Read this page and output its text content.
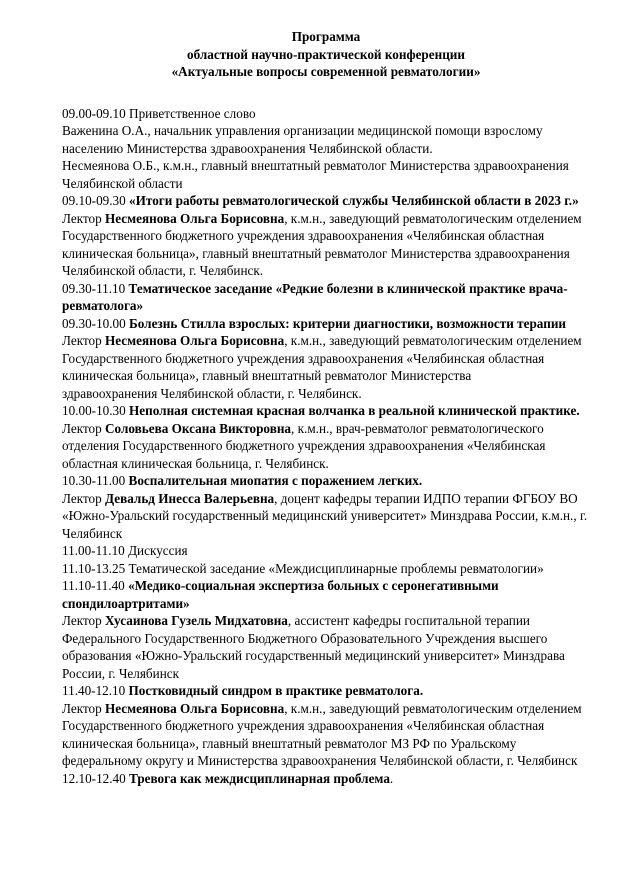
Программа
областной научно-практической конференции
«Актуальные вопросы современной ревматологии»

09.00-09.10 Приветственное слово

Важенина О.А., начальник управления организации медицинской помощи взрослому населению Министерства здравоохранения Челябинской области.

Несмеянова О.Б., к.м.н., главный внештатный ревматолог Министерства здравоохранения Челябинской области

09.10-09.30 «Итоги работы ревматологической службы Челябинской области в 2023 г.»

Лектор Несмеянова Ольга Борисовна, к.м.н., заведующий ревматологическим отделением Государственного бюджетного учреждения здравоохранения «Челябинская областная клиническая больница», главный внештатный ревматолог Министерства здравоохранения Челябинской области, г. Челябинск.

09.30-11.10 Тематическое заседание «Редкие болезни в клинической практике врача-ревматолога»

09.30-10.00 Болезнь Стилла взрослых: критерии диагностики, возможности терапии Лектор Несмеянова Ольга Борисовна, к.м.н., заведующий ревматологическим отделением Государственного бюджетного учреждения здравоохранения «Челябинская областная клиническая больница», главный внештатный ревматолог Министерства        здравоохранения Челябинской области, г. Челябинск.

10.00-10.30 Неполная системная красная волчанка в реальной клинической практике.

Лектор Соловьева Оксана Викторовна, к.м.н., врач-ревматолог ревматологического отделения Государственного бюджетного учреждения здравоохранения «Челябинская областная клиническая больница, г. Челябинск.

10.30-11.00 Воспалительная миопатия с поражением легких.

Лектор Девальд Инесса Валерьевна, доцент кафедры терапии ИДПО терапии ФГБОУ ВО «Южно-Уральский государственный медицинский университет» Минздрава России, к.м.н., г. Челябинск

11.00-11.10 Дискуссия

11.10-13.25 Тематической заседание «Междисциплинарные проблемы ревматологии»

11.10-11.40 «Медико-социальная экспертиза больных с серонегативными спондилоартритами»

Лектор Хусаинова Гузель Мидхатовна, ассистент кафедры госпитальной терапии Федерального Государственного Бюджетного Образовательного Учреждения высшего образования «Южно-Уральский государственный медицинский университет» Минздрава России, г. Челябинск

11.40-12.10 Постковидный синдром в практике ревматолога.

Лектор Несмеянова Ольга Борисовна, к.м.н., заведующий ревматологическим отделением Государственного бюджетного учреждения здравоохранения «Челябинская областная клиническая больница», главный внештатный ревматолог МЗ РФ по Уральскому федеральному округу и Министерства здравоохранения Челябинской области, г. Челябинск

12.10-12.40 Тревога как междисциплинарная проблема.
